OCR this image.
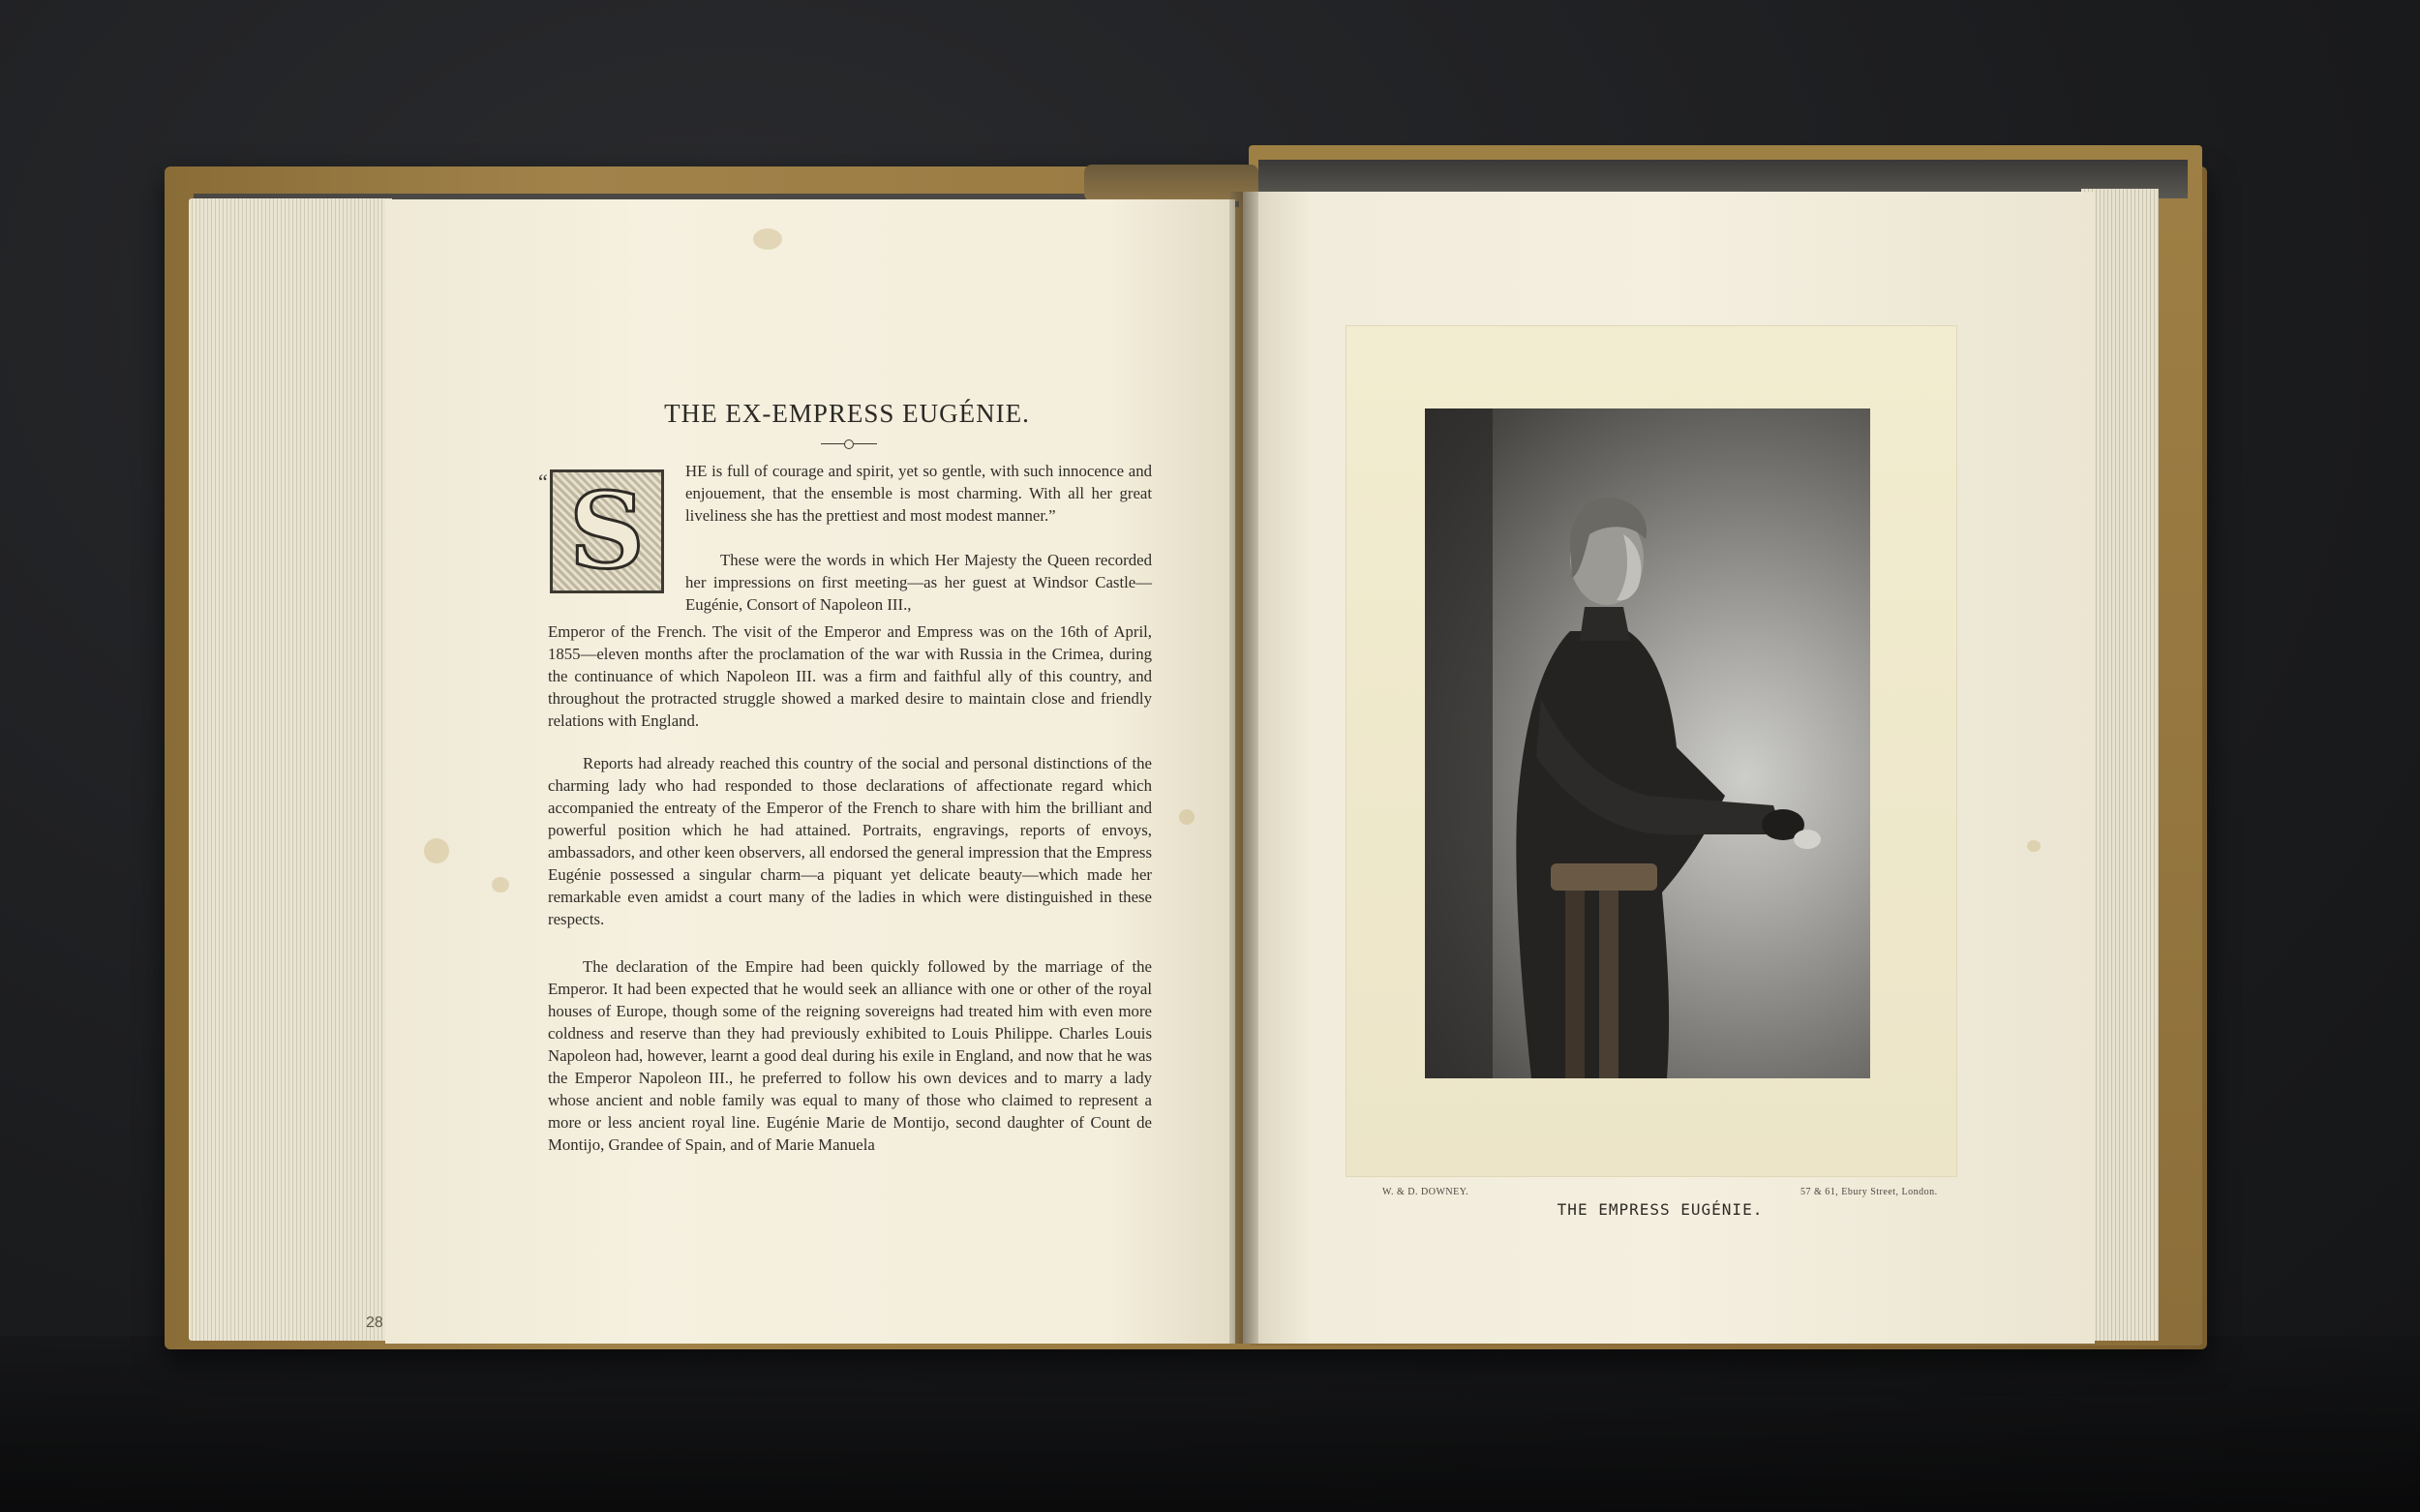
THE EX-EMPRESS EUGÉNIE.
“ S	HE is full of courage and spirit, yet so gentle, with such innocence and enjouement, that the ensemble is most charming. With all her great liveliness she has the prettiest and most modest manner.”

These were the words in which Her Majesty the Queen recorded her impressions on first meeting—as her guest at Windsor Castle—Eugénie, Consort of Napoleon III.,

Emperor of the French. The visit of the Emperor and Empress was on the 16th of April, 1855—eleven months after the proclamation of the war with Russia in the Crimea, during the continuance of which Napoleon III. was a firm and faithful ally of this country, and throughout the protracted struggle showed a marked desire to maintain close and friendly relations with England.

Reports had already reached this country of the social and personal distinctions of the charming lady who had responded to those declarations of affectionate regard which accompanied the entreaty of the Emperor of the French to share with him the brilliant and powerful position which he had attained. Portraits, engravings, reports of envoys, ambassadors, and other keen observers, all endorsed the general impression that the Empress Eugénie possessed a singular charm—a piquant yet delicate beauty—which made her remarkable even amidst a court many of the ladies in which were distinguished in these respects.

The declaration of the Empire had been quickly followed by the marriage of the Emperor. It had been expected that he would seek an alliance with one or other of the royal houses of Europe, though some of the reigning sovereigns had treated him with even more coldness and reserve than they had previously exhibited to Louis Philippe. Charles Louis Napoleon had, however, learnt a good deal during his exile in England, and now that he was the Emperor Napoleon III., he preferred to follow his own devices and to marry a lady whose ancient and noble family was equal to many of those who claimed to represent a more or less ancient royal line. Eugénie Marie de Montijo, second daughter of Count de Montijo, Grandee of Spain, and of Marie Manuela

28
W. & D. DOWNEY.	57 & 61, Ebury Street, London.
THE EMPRESS EUGÉNIE.
